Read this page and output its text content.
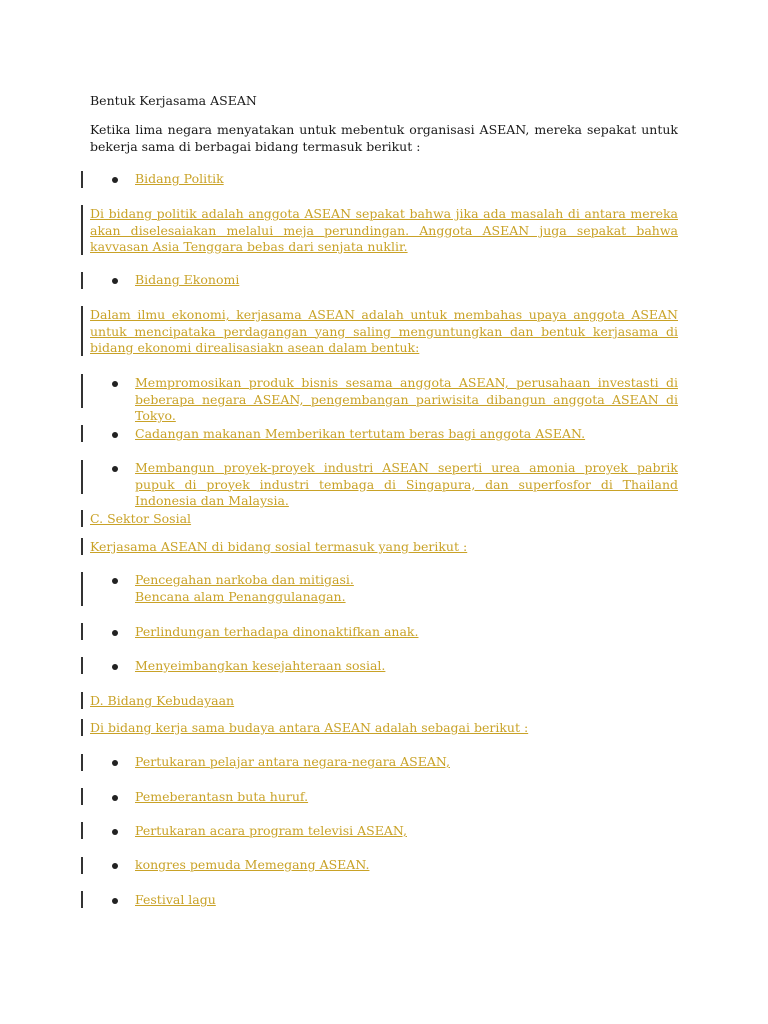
Bentuk Kerjasama ASEAN
Ketika lima negara menyatakan untuk mebentuk organisasi ASEAN, mereka sepakat untuk bekerja sama di berbagai bidang termasuk berikut :
Bidang Politik
Di bidang politik adalah anggota ASEAN sepakat bahwa jika ada masalah di antara mereka akan diselesaiakan melalui meja perundingan. Anggota ASEAN juga sepakat bahwa kavvasan Asia Tenggara bebas dari senjata nuklir.
Bidang Ekonomi
Dalam ilmu ekonomi, kerjasama ASEAN adalah untuk membahas upaya anggota ASEAN untuk mencipataka perdagangan yang saling menguntungkan dan bentuk kerjasama di bidang ekonomi direalisasiakn asean dalam bentuk:
Mempromosikan produk bisnis sesama anggota ASEAN, perusahaan investasti di beberapa negara ASEAN, pengembangan pariwisita dibangun anggota ASEAN di Tokyo.
Cadangan makanan Memberikan tertutam beras bagi anggota ASEAN.
Membangun proyek-proyek industri ASEAN seperti urea amonia proyek pabrik pupuk di proyek industri tembaga di Singapura, dan superfosfor di Thailand Indonesia dan Malaysia.
C. Sektor Sosial
Kerjasama ASEAN di bidang sosial termasuk yang berikut :
Pencegahan narkoba dan mitigasi.
Bencana alam Penanggulanagan.
Perlindungan terhadapa dinonaktifkan anak.
Menyeimbangkan kesejahteraan sosial.
D. Bidang Kebudayaan
Di bidang kerja sama budaya antara ASEAN adalah sebagai berikut :
Pertukaran pelajar antara negara-negara ASEAN,
Pemeberantasn buta huruf.
Pertukaran acara program televisi ASEAN,
kongres pemuda Memegang ASEAN.
Festival lagu
